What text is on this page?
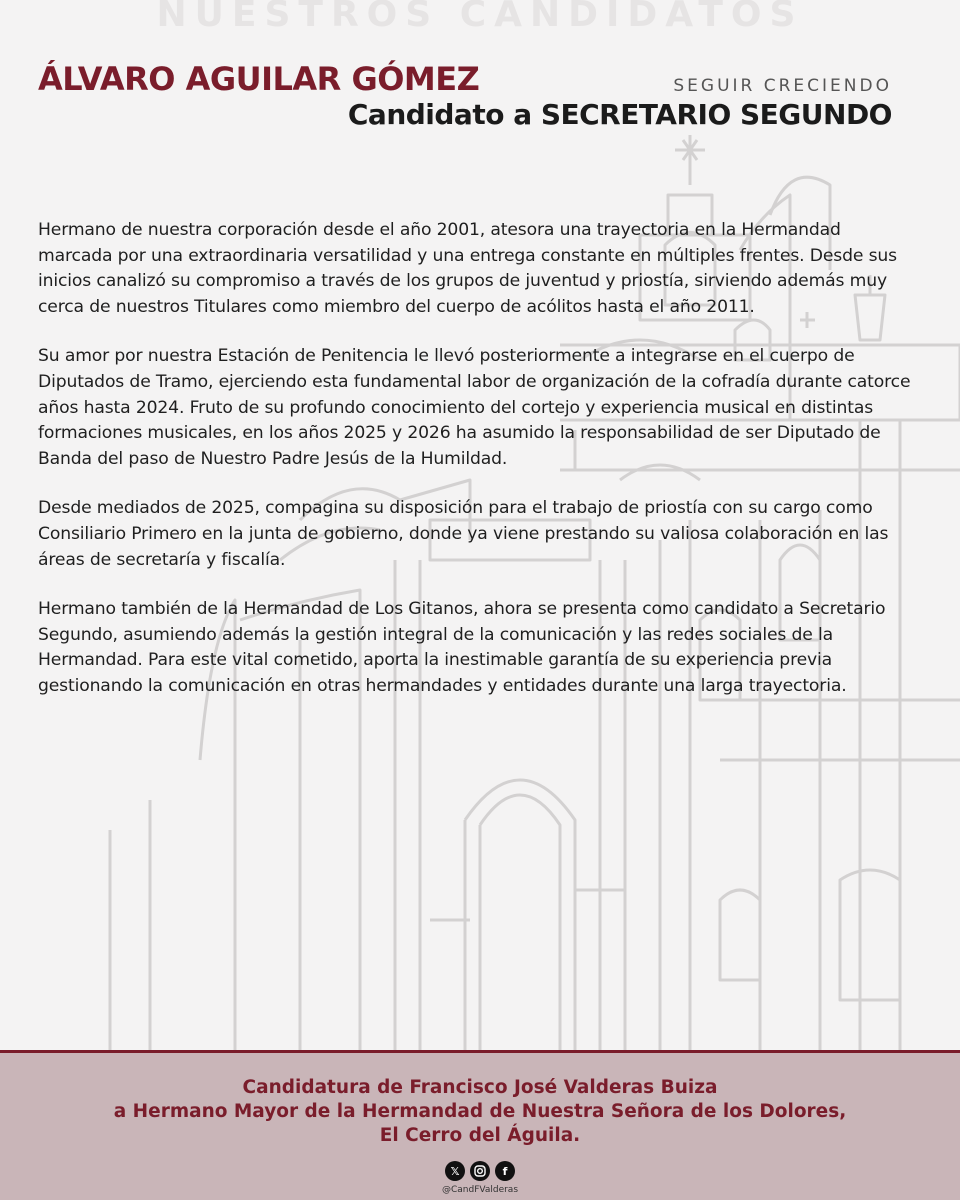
NUESTROS CANDIDATOS
ÁLVARO AGUILAR GÓMEZ	SEGUIR CRECIENDO
Candidato a SECRETARIO SEGUNDO

Hermano de nuestra corporación desde el año 2001, atesora una trayectoria en la Hermandad marcada por una extraordinaria versatilidad y una entrega constante en múltiples frentes. Desde sus inicios canalizó su compromiso a través de los grupos de juventud y priostía, sirviendo además muy cerca de nuestros Titulares como miembro del cuerpo de acólitos hasta el año 2011.

Su amor por nuestra Estación de Penitencia le llevó posteriormente a integrarse en el cuerpo de Diputados de Tramo, ejerciendo esta fundamental labor de organización de la cofradía durante catorce años hasta 2024. Fruto de su profundo conocimiento del cortejo y experiencia musical en distintas formaciones musicales, en los años 2025 y 2026 ha asumido la responsabilidad de ser Diputado de Banda del paso de Nuestro Padre Jesús de la Humildad.

Desde mediados de 2025, compagina su disposición para el trabajo de priostía con su cargo como Consiliario Primero en la junta de gobierno, donde ya viene prestando su valiosa colaboración en las áreas de secretaría y fiscalía.

Hermano también de la Hermandad de Los Gitanos, ahora se presenta como candidato a Secretario Segundo, asumiendo además la gestión integral de la comunicación y las redes sociales de la Hermandad. Para este vital cometido, aporta la inestimable garantía de su experiencia previa gestionando la comunicación en otras hermandades y entidades durante una larga trayectoria.

Candidatura de Francisco José Valderas Buiza
a Hermano Mayor de la Hermandad de Nuestra Señora de los Dolores,
El Cerro del Águila.
𝕏	f
@CandFValderas
